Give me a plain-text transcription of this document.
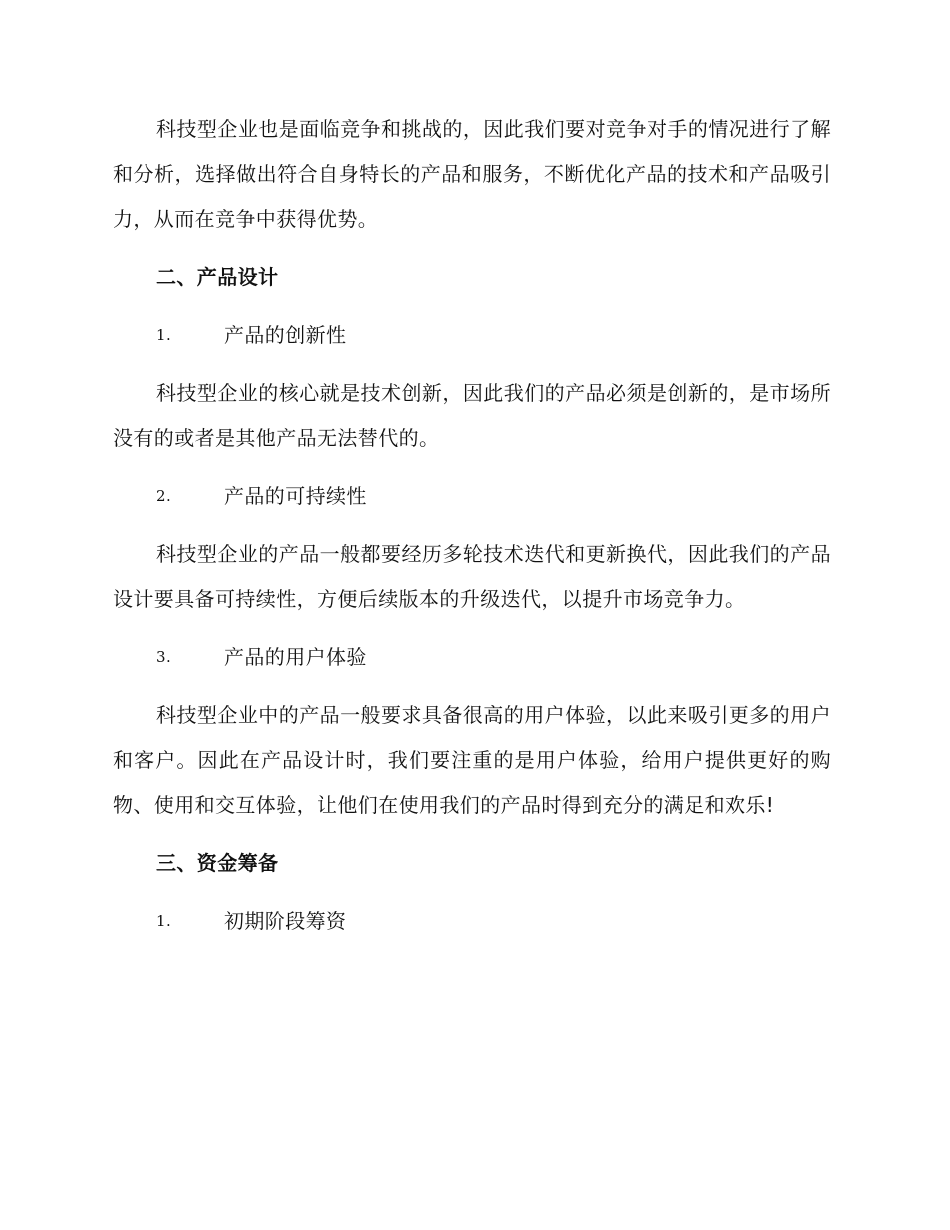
科技型企业也是面临竞争和挑战的，因此我们要对竞争对手的情况进行了解和分析，选择做出符合自身特长的产品和服务，不断优化产品的技术和产品吸引力，从而在竞争中获得优势。

二、产品设计
1.	产品的创新性

科技型企业的核心就是技术创新，因此我们的产品必须是创新的，是市场所没有的或者是其他产品无法替代的。

2.	产品的可持续性

科技型企业的产品一般都要经历多轮技术迭代和更新换代，因此我们的产品设计要具备可持续性，方便后续版本的升级迭代，以提升市场竞争力。

3.	产品的用户体验

科技型企业中的产品一般要求具备很高的用户体验，以此来吸引更多的用户和客户。因此在产品设计时，我们要注重的是用户体验，给用户提供更好的购物、使用和交互体验，让他们在使用我们的产品时得到充分的满足和欢乐!

三、资金筹备
1.	初期阶段筹资
